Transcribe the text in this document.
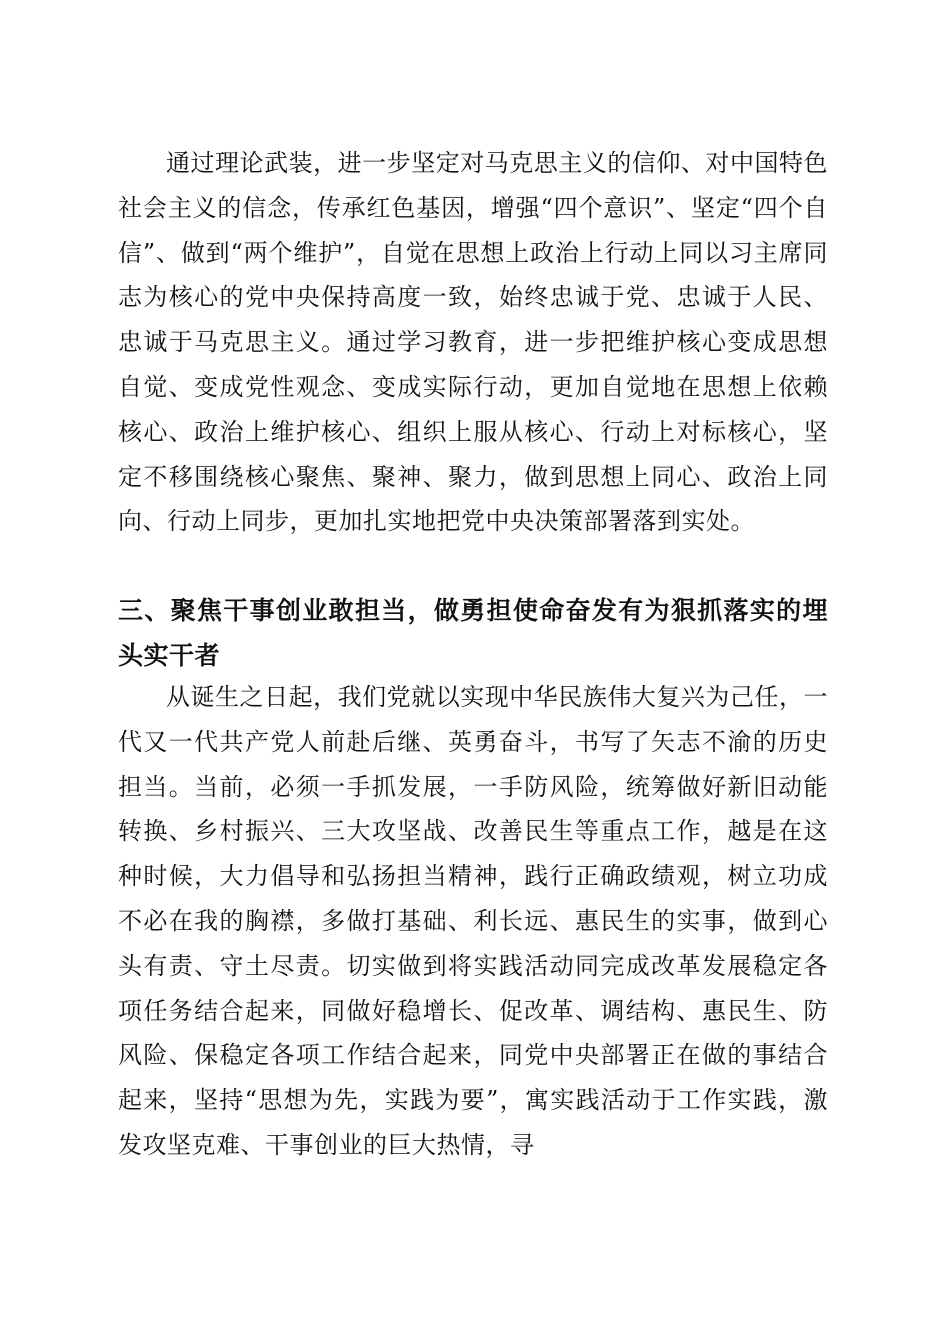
通过理论武装，进一步坚定对马克思主义的信仰、对中国特色社会主义的信念，传承红色基因，增强“四个意识”、坚定“四个自信”、做到“两个维护”，自觉在思想上政治上行动上同以习主席同志为核心的党中央保持高度一致，始终忠诚于党、忠诚于人民、忠诚于马克思主义。通过学习教育，进一步把维护核心变成思想自觉、变成党性观念、变成实际行动，更加自觉地在思想上依赖核心、政治上维护核心、组织上服从核心、行动上对标核心，坚定不移围绕核心聚焦、聚神、聚力，做到思想上同心、政治上同向、行动上同步，更加扎实地把党中央决策部署落到实处。

三、聚焦干事创业敢担当，做勇担使命奋发有为狠抓落实的埋头实干者

从诞生之日起，我们党就以实现中华民族伟大复兴为己任，一代又一代共产党人前赴后继、英勇奋斗，书写了矢志不渝的历史担当。当前，必须一手抓发展，一手防风险，统筹做好新旧动能转换、乡村振兴、三大攻坚战、改善民生等重点工作，越是在这种时候，大力倡导和弘扬担当精神，践行正确政绩观，树立功成不必在我的胸襟，多做打基础、利长远、惠民生的实事，做到心头有责、守土尽责。切实做到将实践活动同完成改革发展稳定各项任务结合起来，同做好稳增长、促改革、调结构、惠民生、防风险、保稳定各项工作结合起来，同党中央部署正在做的事结合起来，坚持“思想为先，实践为要”，寓实践活动于工作实践，激发攻坚克难、干事创业的巨大热情，寻
